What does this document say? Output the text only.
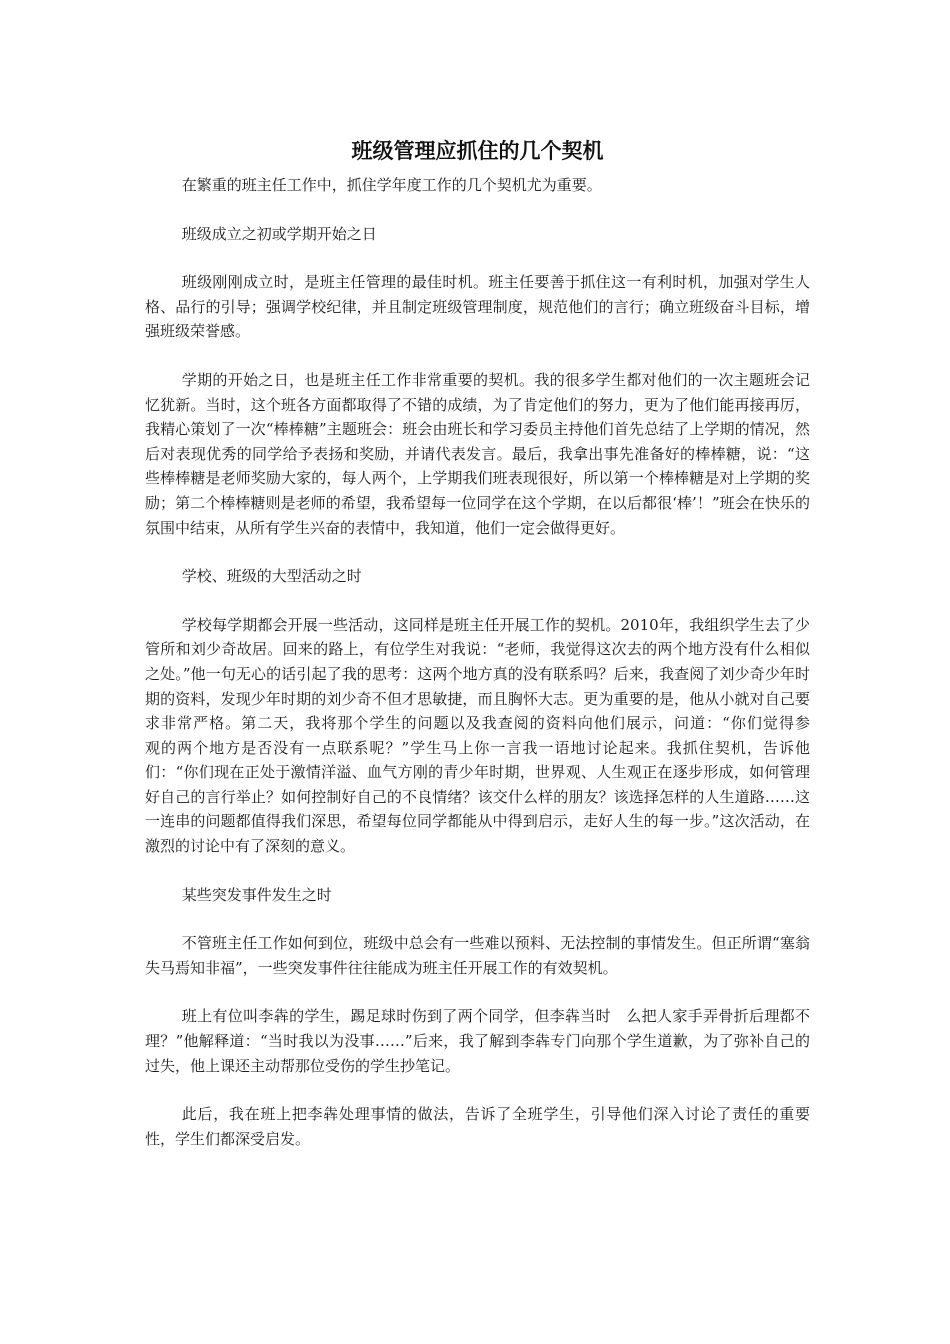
班级管理应抓住的几个契机

在繁重的班主任工作中，抓住学年度工作的几个契机尤为重要。

班级成立之初或学期开始之日

班级刚刚成立时，是班主任管理的最佳时机。班主任要善于抓住这一有利时机，加强对学生人格、品行的引导；强调学校纪律，并且制定班级管理制度，规范他们的言行；确立班级奋斗目标，增强班级荣誉感。

学期的开始之日，也是班主任工作非常重要的契机。我的很多学生都对他们的一次主题班会记忆犹新。当时，这个班各方面都取得了不错的成绩，为了肯定他们的努力，更为了他们能再接再厉，我精心策划了一次“棒棒糖”主题班会：班会由班长和学习委员主持他们首先总结了上学期的情况，然后对表现优秀的同学给予表扬和奖励，并请代表发言。最后，我拿出事先准备好的棒棒糖，说：“这些棒棒糖是老师奖励大家的，每人两个，上学期我们班表现很好，所以第一个棒棒糖是对上学期的奖励；第二个棒棒糖则是老师的希望，我希望每一位同学在这个学期，在以后都很‘棒’！”班会在快乐的氛围中结束，从所有学生兴奋的表情中，我知道，他们一定会做得更好。

学校、班级的大型活动之时

学校每学期都会开展一些活动，这同样是班主任开展工作的契机。2010年，我组织学生去了少管所和刘少奇故居。回来的路上，有位学生对我说：“老师，我觉得这次去的两个地方没有什么相似之处。”他一句无心的话引起了我的思考：这两个地方真的没有联系吗？后来，我查阅了刘少奇少年时期的资料，发现少年时期的刘少奇不但才思敏捷，而且胸怀大志。更为重要的是，他从小就对自己要求非常严格。第二天，我将那个学生的问题以及我查阅的资料向他们展示，问道：“你们觉得参　　观的两个地方是否没有一点联系呢？”学生马上你一言我一语地讨论起来。我抓住契机，告诉他们：“你们现在正处于激情洋溢、血气方刚的青少年时期，世界观、人生观正在逐步形成，如何管理好自己的言行举止？如何控制好自己的不良情绪？该交什么样的朋友？该选择怎样的人生道路……这一连串的问题都值得我们深思，希望每位同学都能从中得到启示，走好人生的每一步。”这次活动，在激烈的讨论中有了深刻的意义。

某些突发事件发生之时

不管班主任工作如何到位，班级中总会有一些难以预料、无法控制的事情发生。但正所谓“塞翁失马焉知非福”，一些突发事件往往能成为班主任开展工作的有效契机。

班上有位叫李犇的学生，踢足球时伤到了两个同学，但李犇当时　么把人家手弄骨折后理都不理？”他解释道：“当时我以为没事……”后来，我了解到李犇专门向那个学生道歉，为了弥补自己的过失，他上课还主动帮那位受伤的学生抄笔记。

此后，我在班上把李犇处理事情的做法，告诉了全班学生，引导他们深入讨论了责任的重要性，学生们都深受启发。
